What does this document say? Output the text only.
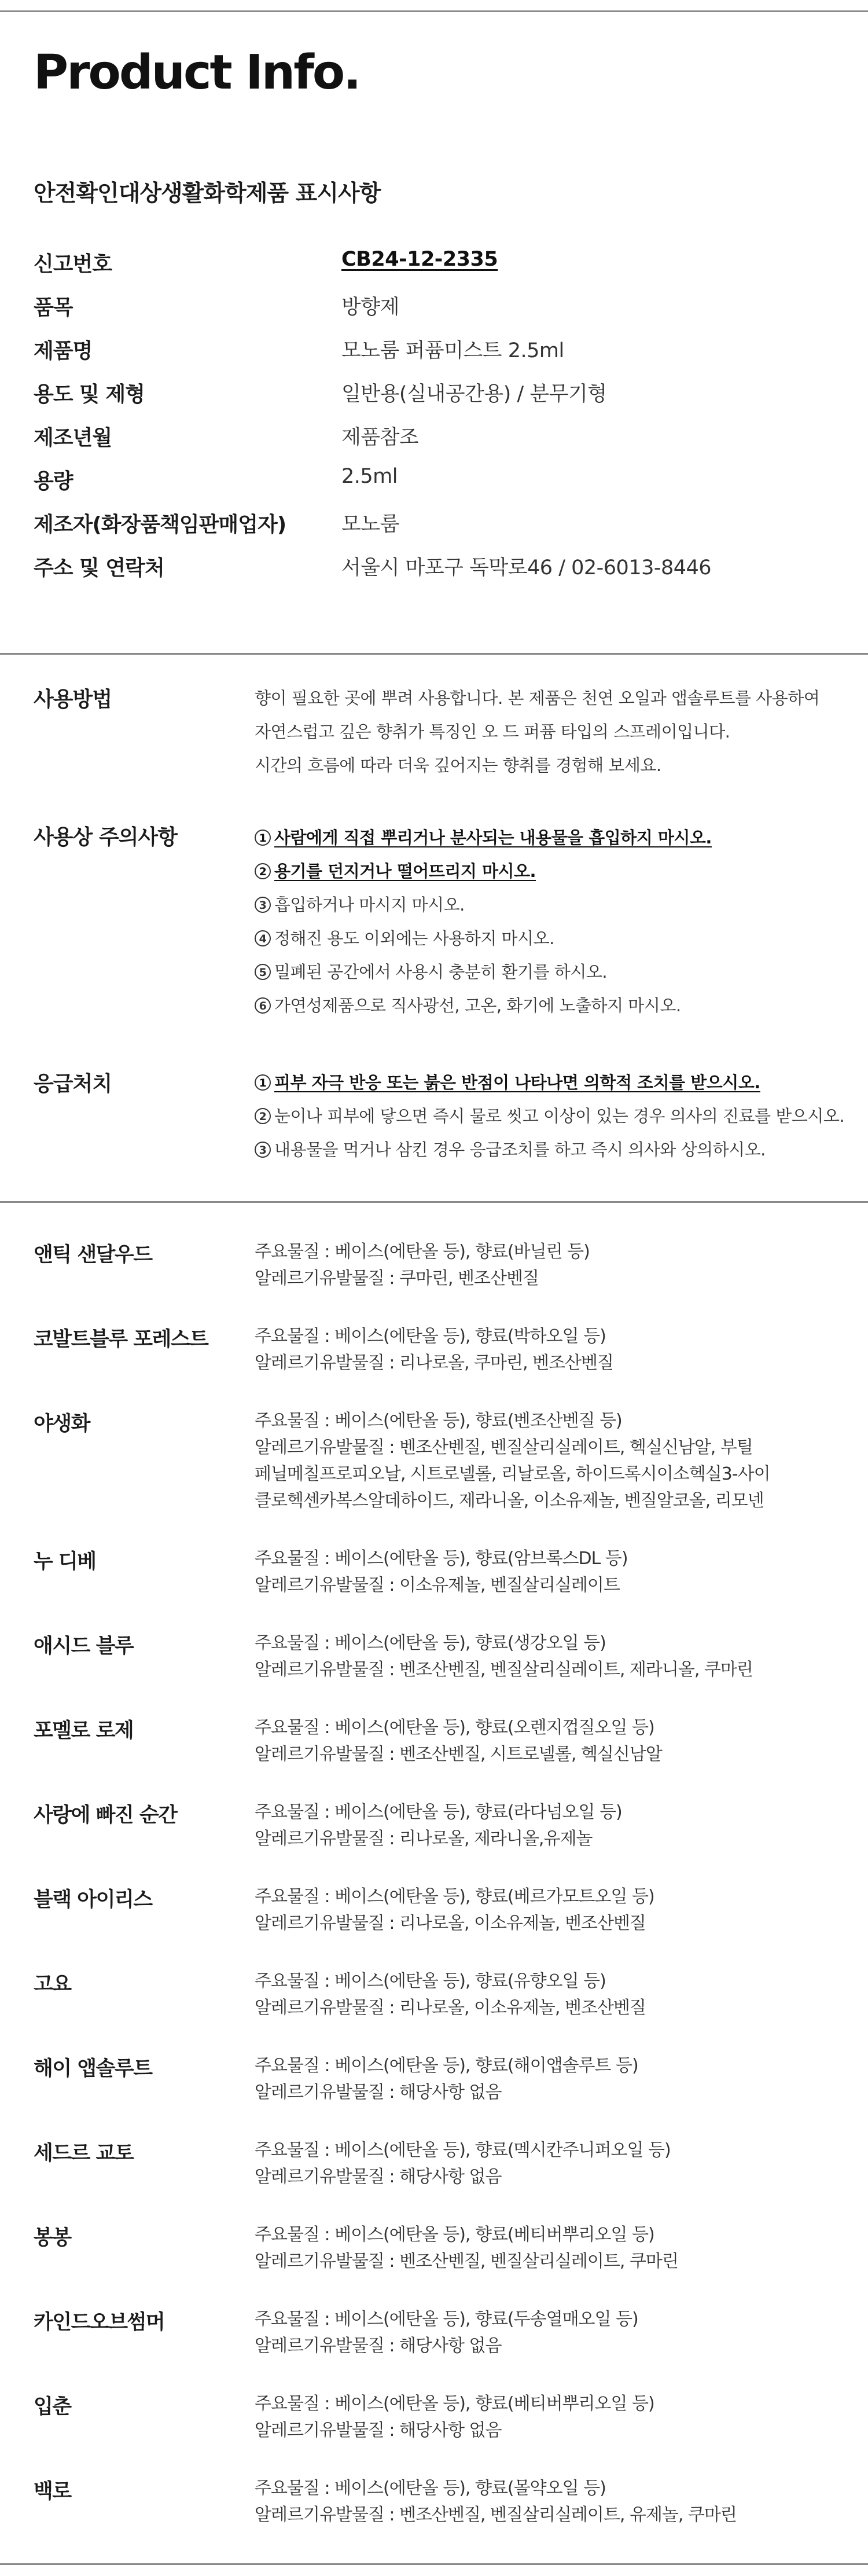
Product Info.
안전확인대상생활화학제품 표시사항
신고번호	CB24-12-2335
품목	방향제
제품명	모노룸 퍼퓸미스트 2.5ml
용도 및 제형	일반용(실내공간용) / 분무기형
제조년월	제품참조
용량	2.5ml
제조자(화장품책임판매업자)	모노룸
주소 및 연락처	서울시 마포구 독막로46 / 02-6013-8446
사용방법	향이 필요한 곳에 뿌려 사용합니다. 본 제품은 천연 오일과 앱솔루트를 사용하여
자연스럽고 깊은 향취가 특징인 오 드 퍼퓸 타입의 스프레이입니다.
시간의 흐름에 따라 더욱 깊어지는 향취를 경험해 보세요.
사용상 주의사항	1 사람에게 직접 뿌리거나 분사되는 내용물을 흡입하지 마시오.
2 용기를 던지거나 떨어뜨리지 마시오.
3 흡입하거나 마시지 마시오.
4 정해진 용도 이외에는 사용하지 마시오.
5 밀폐된 공간에서 사용시 충분히 환기를 하시오.
6 가연성제품으로 직사광선, 고온, 화기에 노출하지 마시오.
응급처치	1 피부 자극 반응 또는 붉은 반점이 나타나면 의학적 조치를 받으시오.
2 눈이나 피부에 닿으면 즉시 물로 씻고 이상이 있는 경우 의사의 진료를 받으시오.
3 내용물을 먹거나 삼킨 경우 응급조치를 하고 즉시 의사와 상의하시오.
앤틱 샌달우드	주요물질 : 베이스(에탄올 등), 향료(바닐린 등)
알레르기유발물질 : 쿠마린, 벤조산벤질
코발트블루 포레스트	주요물질 : 베이스(에탄올 등), 향료(박하오일 등)
알레르기유발물질 : 리나로올, 쿠마린, 벤조산벤질
야생화	주요물질 : 베이스(에탄올 등), 향료(벤조산벤질 등)
알레르기유발물질 : 벤조산벤질, 벤질살리실레이트, 헥실신남알, 부틸
페닐메칠프로피오날, 시트로넬롤, 리날로올, 하이드록시이소헥실3-사이
클로헥센카복스알데하이드, 제라니올, 이소유제놀, 벤질알코올, 리모넨
누 디베	주요물질 : 베이스(에탄올 등), 향료(암브록스DL 등)
알레르기유발물질 : 이소유제놀, 벤질살리실레이트
애시드 블루	주요물질 : 베이스(에탄올 등), 향료(생강오일 등)
알레르기유발물질 : 벤조산벤질, 벤질살리실레이트, 제라니올, 쿠마린
포멜로 로제	주요물질 : 베이스(에탄올 등), 향료(오렌지껍질오일 등)
알레르기유발물질 : 벤조산벤질, 시트로넬롤, 헥실신남알
사랑에 빠진 순간	주요물질 : 베이스(에탄올 등), 향료(라다넘오일 등)
알레르기유발물질 : 리나로올, 제라니올,유제놀
블랙 아이리스	주요물질 : 베이스(에탄올 등), 향료(베르가모트오일 등)
알레르기유발물질 : 리나로올, 이소유제놀, 벤조산벤질
고요	주요물질 : 베이스(에탄올 등), 향료(유향오일 등)
알레르기유발물질 : 리나로올, 이소유제놀, 벤조산벤질
해이 앱솔루트	주요물질 : 베이스(에탄올 등), 향료(해이앱솔루트 등)
알레르기유발물질 : 해당사항 없음
세드르 교토	주요물질 : 베이스(에탄올 등), 향료(멕시칸주니퍼오일 등)
알레르기유발물질 : 해당사항 없음
봉봉	주요물질 : 베이스(에탄올 등), 향료(베티버뿌리오일 등)
알레르기유발물질 : 벤조산벤질, 벤질살리실레이트, 쿠마린
카인드오브썸머	주요물질 : 베이스(에탄올 등), 향료(두송열매오일 등)
알레르기유발물질 : 해당사항 없음
입춘	주요물질 : 베이스(에탄올 등), 향료(베티버뿌리오일 등)
알레르기유발물질 : 해당사항 없음
백로	주요물질 : 베이스(에탄올 등), 향료(몰약오일 등)
알레르기유발물질 : 벤조산벤질, 벤질살리실레이트, 유제놀, 쿠마린
